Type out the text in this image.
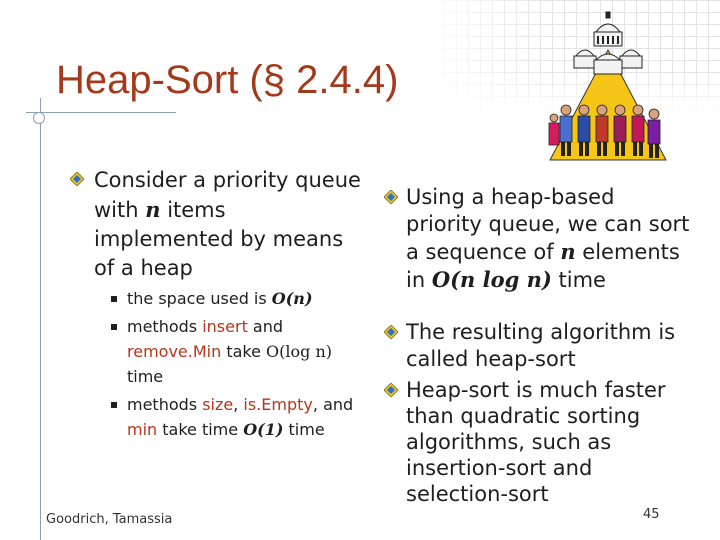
Heap-Sort (§ 2.4.4)

Consider a priority queue with n items implemented by means of a heap

the space used is O(n)
methods insert and remove.Min take O(log n) time
methods size, is.Empty, and min take time O(1) time

Using a heap-based priority queue, we can sort a sequence of n elements in O(n log n) time

The resulting algorithm is called heap-sort

Heap-sort is much faster than quadratic sorting algorithms, such as insertion-sort and selection-sort

Goodrich, Tamassia	45
